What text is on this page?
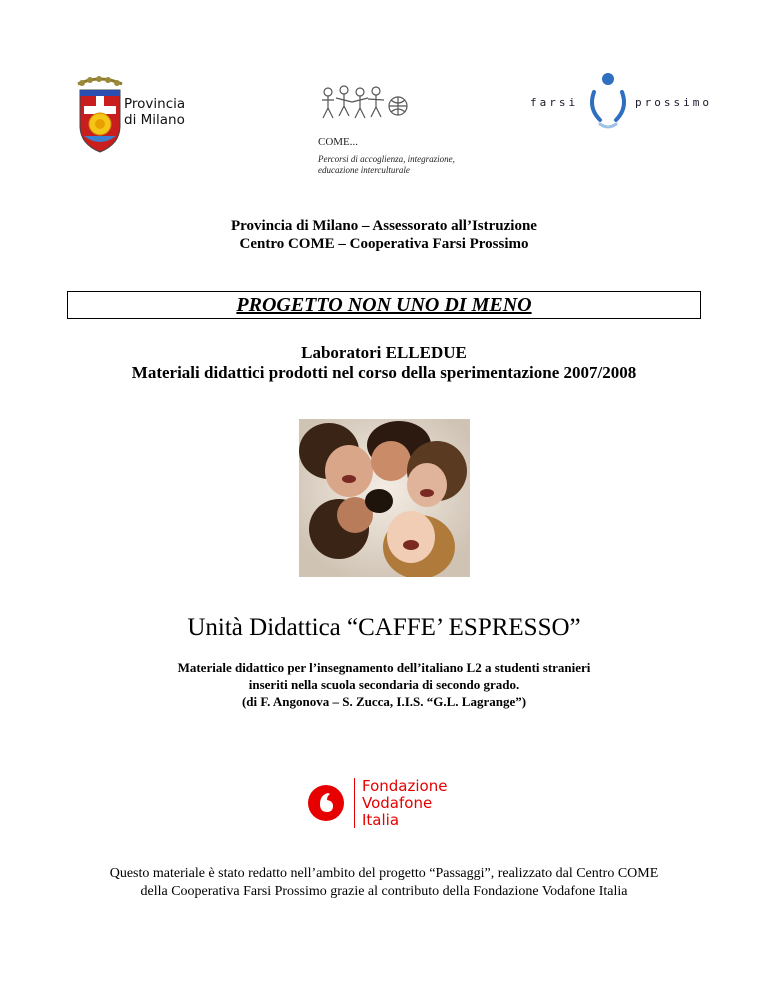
Provincia
di Milano
COME...
Percorsi di accoglienza, integrazione,
educazione interculturale
farsi	prossimo
Provincia di Milano – Assessorato all’Istruzione
Centro COME – Cooperativa Farsi Prossimo
PROGETTO NON UNO DI MENO
Laboratori ELLEDUE
Materiali didattici prodotti nel corso della sperimentazione 2007/2008
Unità Didattica “CAFFE’ ESPRESSO”
Materiale didattico per l’insegnamento dell’italiano L2 a studenti stranieri
inseriti nella scuola secondaria di secondo grado.
(di F. Angonova – S. Zucca, I.I.S. “G.L. Lagrange”)
Fondazione
Vodafone
Italia
Questo materiale è stato redatto nell’ambito del progetto “Passaggi”, realizzato dal Centro COME
della Cooperativa Farsi Prossimo grazie al contributo della Fondazione Vodafone Italia
